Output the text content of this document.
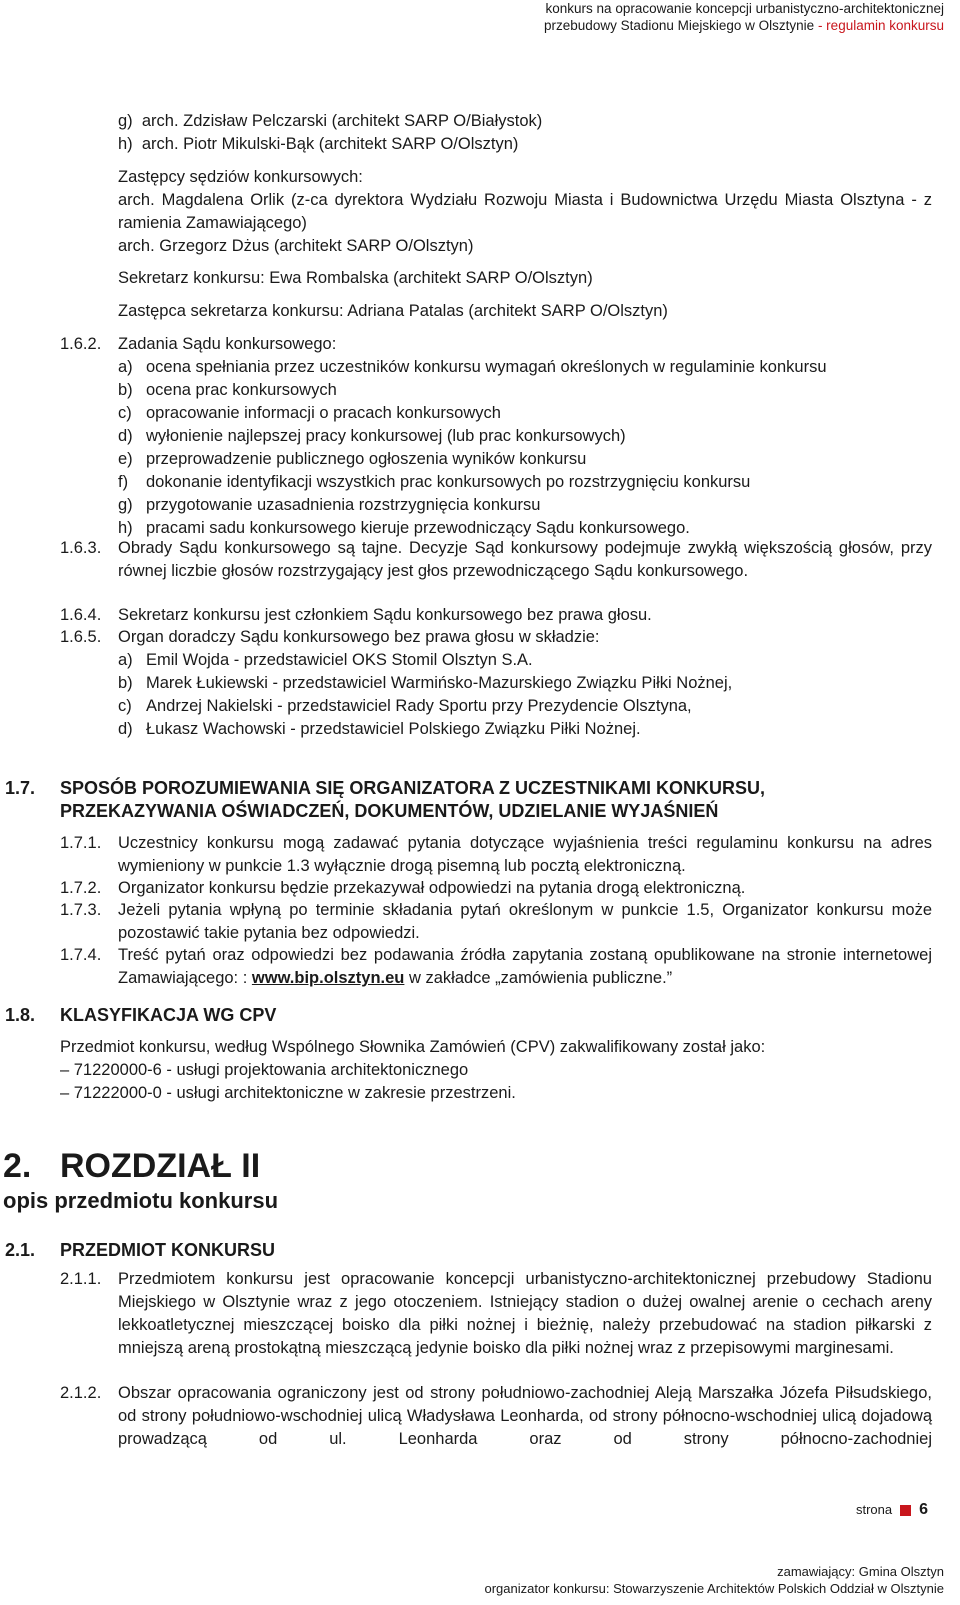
konkurs na opracowanie koncepcji urbanistyczno-architektonicznej
przebudowy Stadionu Miejskiego w Olsztynie - regulamin konkursu
g) arch. Zdzisław Pelczarski (architekt SARP O/Białystok)
h) arch. Piotr Mikulski-Bąk (architekt SARP O/Olsztyn)
Zastępcy sędziów konkursowych:
arch. Magdalena Orlik (z-ca dyrektora Wydziału Rozwoju Miasta i Budownictwa Urzędu Miasta Olsztyna - z ramienia Zamawiającego)
arch. Grzegorz Dżus (architekt SARP O/Olsztyn)
Sekretarz konkursu: Ewa Rombalska (architekt SARP O/Olsztyn)
Zastępca sekretarza konkursu: Adriana Patalas (architekt SARP O/Olsztyn)
1.6.2. Zadania Sądu konkursowego:
a) ocena spełniania przez uczestników konkursu wymagań określonych w regulaminie konkursu
b) ocena prac konkursowych
c) opracowanie informacji o pracach konkursowych
d) wyłonienie najlepszej pracy konkursowej (lub prac konkursowych)
e) przeprowadzenie publicznego ogłoszenia wyników konkursu
f)	dokonanie identyfikacji wszystkich prac konkursowych po rozstrzygnięciu konkursu
g) przygotowanie uzasadnienia rozstrzygnięcia konkursu
h) pracami sadu konkursowego kieruje przewodniczący Sądu konkursowego.
1.6.3. Obrady Sądu konkursowego są tajne. Decyzje Sąd konkursowy podejmuje zwykłą większością głosów, przy równej liczbie głosów rozstrzygający jest głos przewodniczącego Sądu konkursowego.
1.6.4. Sekretarz konkursu jest członkiem Sądu konkursowego bez prawa głosu.
1.6.5. Organ doradczy Sądu konkursowego bez prawa głosu w składzie:
a) Emil Wojda - przedstawiciel OKS Stomil Olsztyn S.A.
b) Marek Łukiewski - przedstawiciel Warmińsko-Mazurskiego Związku Piłki Nożnej,
c) Andrzej Nakielski - przedstawiciel Rady Sportu przy Prezydencie Olsztyna,
d) Łukasz Wachowski - przedstawiciel Polskiego Związku Piłki Nożnej.
1.7. SPOSÓB POROZUMIEWANIA SIĘ ORGANIZATORA Z UCZESTNIKAMI KONKURSU,
PRZEKAZYWANIA OŚWIADCZEŃ, DOKUMENTÓW, UDZIELANIE WYJAŚNIEŃ
1.7.1. Uczestnicy konkursu mogą zadawać pytania dotyczące wyjaśnienia treści regulaminu konkursu na adres wymieniony w punkcie 1.3 wyłącznie drogą pisemną lub pocztą elektroniczną.
1.7.2. Organizator konkursu będzie przekazywał odpowiedzi na pytania drogą elektroniczną.
1.7.3. Jeżeli pytania wpłyną po terminie składania pytań określonym w punkcie 1.5, Organizator konkursu może pozostawić takie pytania bez odpowiedzi.
1.7.4. Treść pytań oraz odpowiedzi bez podawania źródła zapytania zostaną opublikowane na stronie internetowej Zamawiającego: : www.bip.olsztyn.eu w zakładce „zamówienia publiczne.”
1.8. KLASYFIKACJA WG CPV
Przedmiot konkursu, według Wspólnego Słownika Zamówień (CPV) zakwalifikowany został jako:
– 71220000-6 - usługi projektowania architektonicznego
– 71222000-0 - usługi architektoniczne w zakresie przestrzeni.
2. ROZDZIAŁ II
opis przedmiotu konkursu
2.1. PRZEDMIOT KONKURSU
2.1.1. Przedmiotem konkursu jest opracowanie koncepcji urbanistyczno-architektonicznej przebudowy Stadionu Miejskiego w Olsztynie wraz z jego otoczeniem. Istniejący stadion o dużej owalnej arenie o cechach areny lekkoatletycznej mieszczącej boisko dla piłki nożnej i bieżnię, należy przebudować na stadion piłkarski z mniejszą areną prostokątną mieszczącą jedynie boisko dla piłki nożnej wraz z przepisowymi marginesami.
2.1.2. Obszar opracowania ograniczony jest od strony południowo-zachodniej Aleją Marszałka Józefa Piłsudskiego, od strony południowo-wschodniej ulicą Władysława Leonharda, od strony północno-wschodniej ulicą dojadową prowadzącą od ul. Leonharda oraz od strony północno-zachodniej
strona 6
zamawiający: Gmina Olsztyn
organizator konkursu: Stowarzyszenie Architektów Polskich Oddział w Olsztynie
